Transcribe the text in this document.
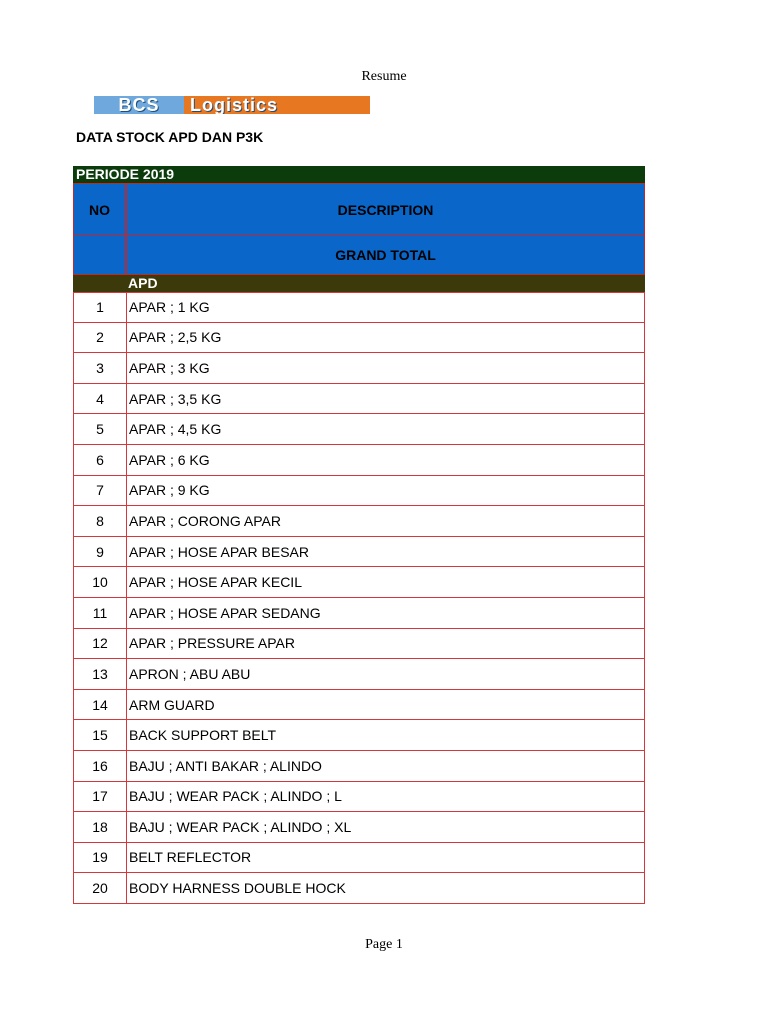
Resume
BCS	Logistics
DATA STOCK APD DAN P3K
PERIODE 2019
NO	DESCRIPTION
GRAND TOTAL
APD
1	APAR ; 1 KG
2	APAR ; 2,5 KG
3	APAR ; 3 KG
4	APAR ; 3,5 KG
5	APAR ; 4,5 KG
6	APAR ; 6 KG
7	APAR ; 9 KG
8	APAR ; CORONG APAR
9	APAR ; HOSE APAR BESAR
10	APAR ; HOSE APAR KECIL
11	APAR ; HOSE APAR SEDANG
12	APAR ; PRESSURE APAR
13	APRON ; ABU ABU
14	ARM GUARD
15	BACK SUPPORT BELT
16	BAJU ; ANTI BAKAR ; ALINDO
17	BAJU ; WEAR PACK ; ALINDO ; L
18	BAJU ; WEAR PACK ; ALINDO ; XL
19	BELT REFLECTOR
20	BODY HARNESS DOUBLE HOCK
Page 1
